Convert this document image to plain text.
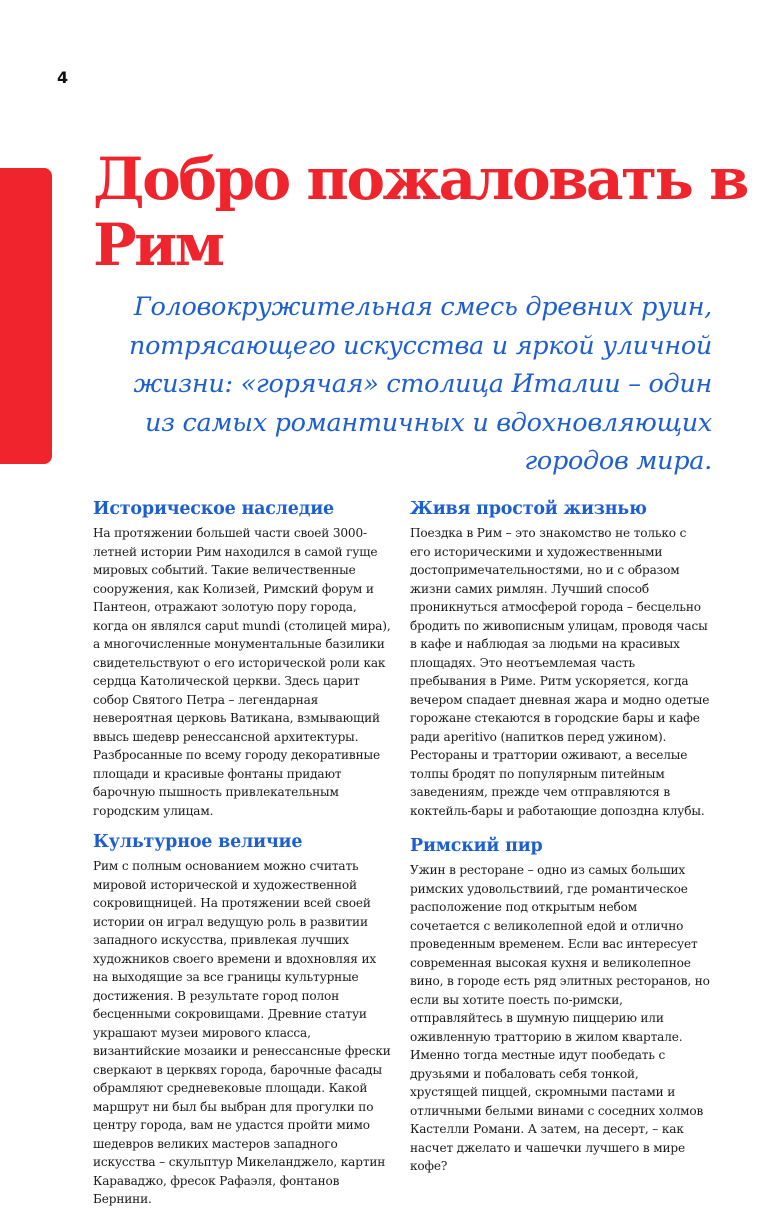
4
Добро пожаловать в Рим

Головокружительная смесь древних руин, потрясающего искусства и яркой уличной жизни: «горячая» столица Италии – один из самых романтичных и вдохновляющих городов мира.

Историческое наследие

На протяжении большей части своей 3000-летней истории Рим находился в самой гуще мировых событий. Такие величественные сооружения, как Колизей, Римский форум и Пантеон, отражают золотую пору города, когда он являлся caput mundi (столицей мира), а многочисленные монументальные базилики свидетельствуют о его исторической роли как сердца Католической церкви. Здесь царит собор Святого Петра – легендарная невероятная церковь Ватикана, взмывающий ввысь шедевр ренессансной архитектуры. Разбросанные по всему городу декоративные площади и красивые фонтаны придают барочную пышность привлекательным городским улицам.

Культурное величие

Рим с полным основанием можно считать мировой исторической и художественной сокровищницей. На протяжении всей своей истории он играл ведущую роль в развитии западного искусства, привлекая лучших художников своего времени и вдохновляя их на выходящие за все границы культурные достижения. В результате город полон бесценными сокровищами. Древние статуи украшают музеи мирового класса, византийские мозаики и ренессансные фрески сверкают в церквях города, барочные фасады обрамляют средневековые площади. Какой маршрут ни был бы выбран для прогулки по центру города, вам не удастся пройти мимо шедевров великих мастеров западного искусства – скульптур Микеланджело, картин Караваджо, фресок Рафаэля, фонтанов Бернини.

Живя простой жизнью

Поездка в Рим – это знакомство не только с его историческими и художественными достопримечательностями, но и с образом жизни самих римлян. Лучший способ проникнуться атмосферой города – бесцельно бродить по живописным улицам, проводя часы в кафе и наблюдая за людьми на красивых площадях. Это неотъемлемая часть пребывания в Риме. Ритм ускоряется, когда вечером спадает дневная жара и модно одетые горожане стекаются в городские бары и кафе ради aperitivo (напитков перед ужином). Рестораны и траттории оживают, а веселые толпы бродят по популярным питейным заведениям, прежде чем отправляются в коктейль-бары и работающие допоздна клубы.

Римский пир

Ужин в ресторане – одно из самых больших римских удовольствиий, где романтическое расположение под открытым небом сочетается с великолепной едой и отлично проведенным временем. Если вас интересует современная высокая кухня и великолепное вино, в городе есть ряд элитных ресторанов, но если вы хотите поесть по-римски, отправляйтесь в шумную пиццерию или оживленную тратторию в жилом квартале. Именно тогда местные идут пообедать с друзьями и побаловать себя тонкой, хрустящей пиццей, скромными пастами и отличными белыми винами с соседних холмов Кастелли Романи. А затем, на десерт, – как насчет джелато и чашечки лучшего в мире кофе?
